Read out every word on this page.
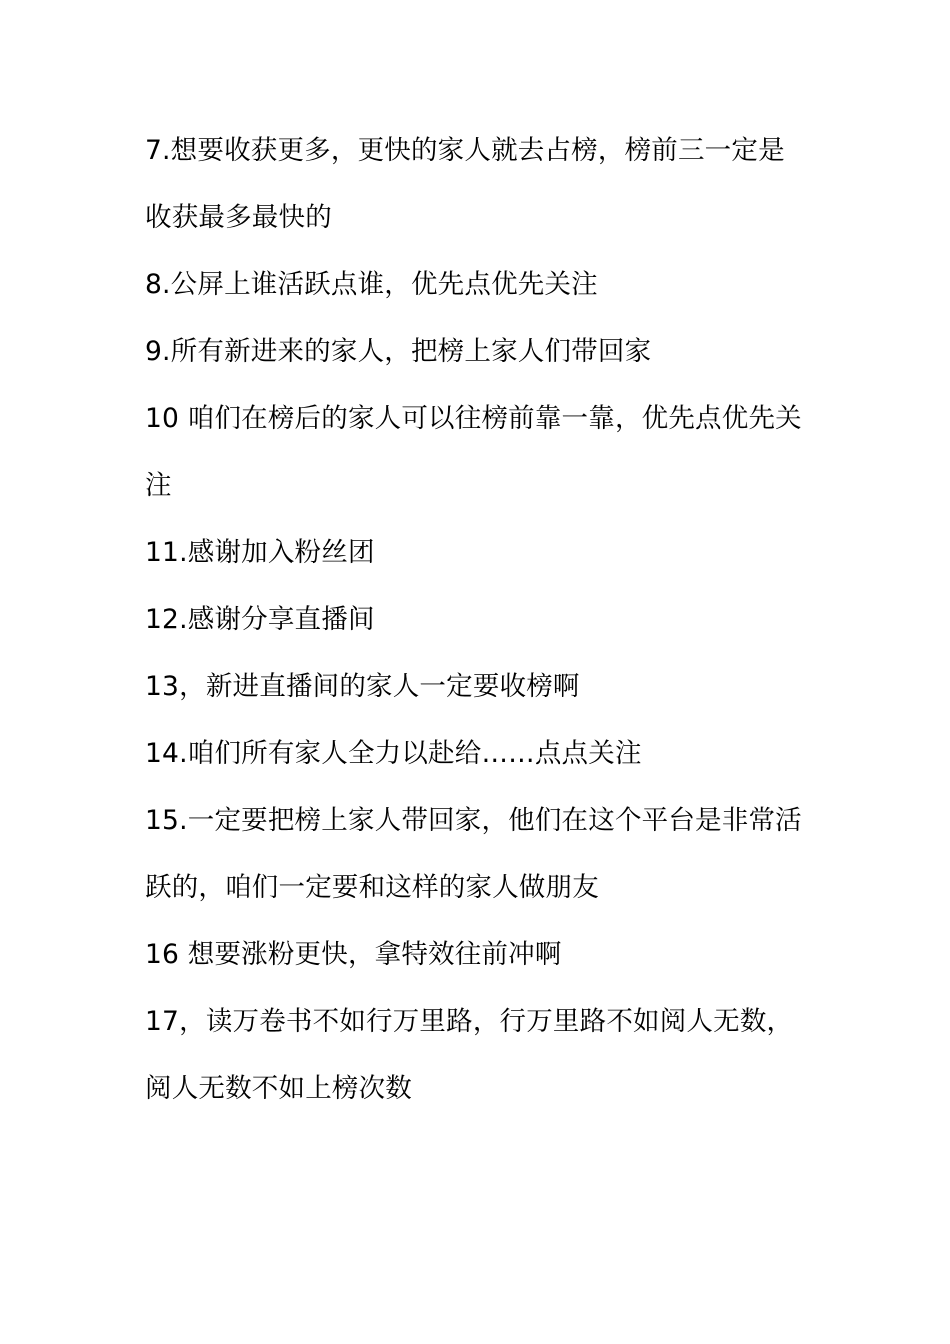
7.想要收获更多，更快的家人就去占榜，榜前三一定是收获最多最快的

8.公屏上谁活跃点谁，优先点优先关注

9.所有新进来的家人，把榜上家人们带回家

10 咱们在榜后的家人可以往榜前靠一靠，优先点优先关注

11.感谢加入粉丝团

12.感谢分享直播间

13，新进直播间的家人一定要收榜啊

14.咱们所有家人全力以赴给……点点关注

15.一定要把榜上家人带回家，他们在这个平台是非常活跃的，咱们一定要和这样的家人做朋友

16 想要涨粉更快，拿特效往前冲啊

17，读万卷书不如行万里路，行万里路不如阅人无数，阅人无数不如上榜次数
